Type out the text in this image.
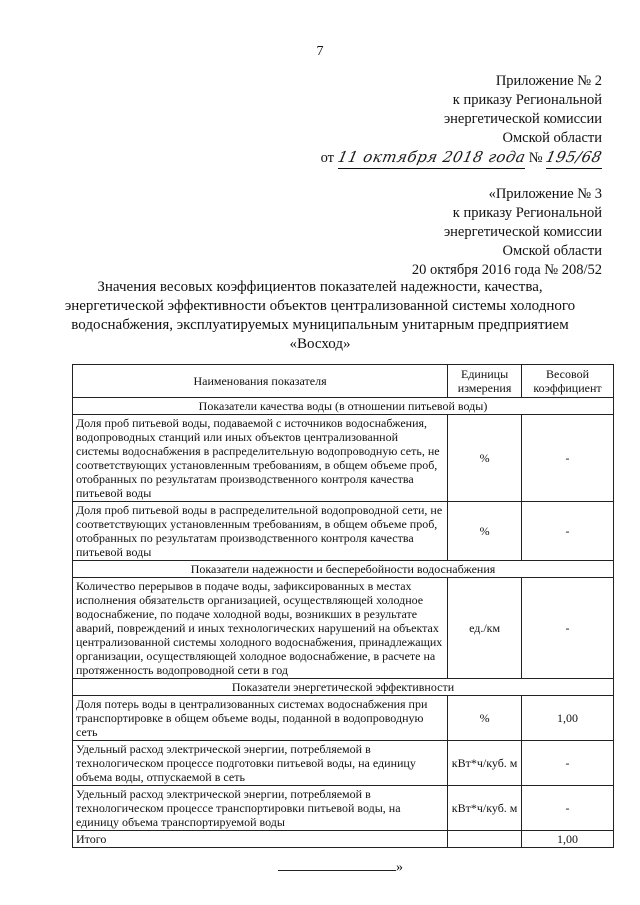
7
Приложение № 2
к приказу Региональной
энергетической комиссии
Омской области
от 11 октября 2018 года № 195/68
«Приложение № 3
к приказу Региональной
энергетической комиссии
Омской области
20 октября 2016 года № 208/52
Значения весовых коэффициентов показателей надежности, качества,
энергетической эффективности объектов централизованной системы холодного
водоснабжения, эксплуатируемых муниципальным унитарным предприятием
«Восход»
Наименования показателя	Единицы измерения	Весовой коэффициент
Показатели качества воды (в отношении питьевой воды)		
Доля проб питьевой воды, подаваемой с источников водоснабжения, водопроводных станций или иных объектов централизованной системы водоснабжения в распределительную водопроводную сеть, не соответствующих установленным требованиям, в общем объеме проб, отобранных по результатам производственного контроля качества питьевой воды	%	-
Доля проб питьевой воды в распределительной водопроводной сети, не соответствующих установленным требованиям, в общем объеме проб, отобранных по результатам производственного контроля качества питьевой воды	%	-
Показатели надежности и бесперебойности водоснабжения		
Количество перерывов в подаче воды, зафиксированных в местах исполнения обязательств организацией, осуществляющей холодное водоснабжение, по подаче холодной воды, возникших в результате аварий, повреждений и иных технологических нарушений на объектах централизованной системы холодного водоснабжения, принадлежащих организации, осуществляющей холодное водоснабжение, в расчете на протяженность водопроводной сети в год	ед./км	-
Показатели энергетической эффективности		
Доля потерь воды в централизованных системах водоснабжения при транспортировке в общем объеме воды, поданной в водопроводную сеть	%	1,00
Удельный расход электрической энергии, потребляемой в технологическом процессе подготовки питьевой воды, на единицу объема воды, отпускаемой в сеть	кВт*ч/куб. м	-
Удельный расход электрической энергии, потребляемой в технологическом процессе транспортировки питьевой воды, на единицу объема транспортируемой воды	кВт*ч/куб. м	-
Итого		1,00
»
